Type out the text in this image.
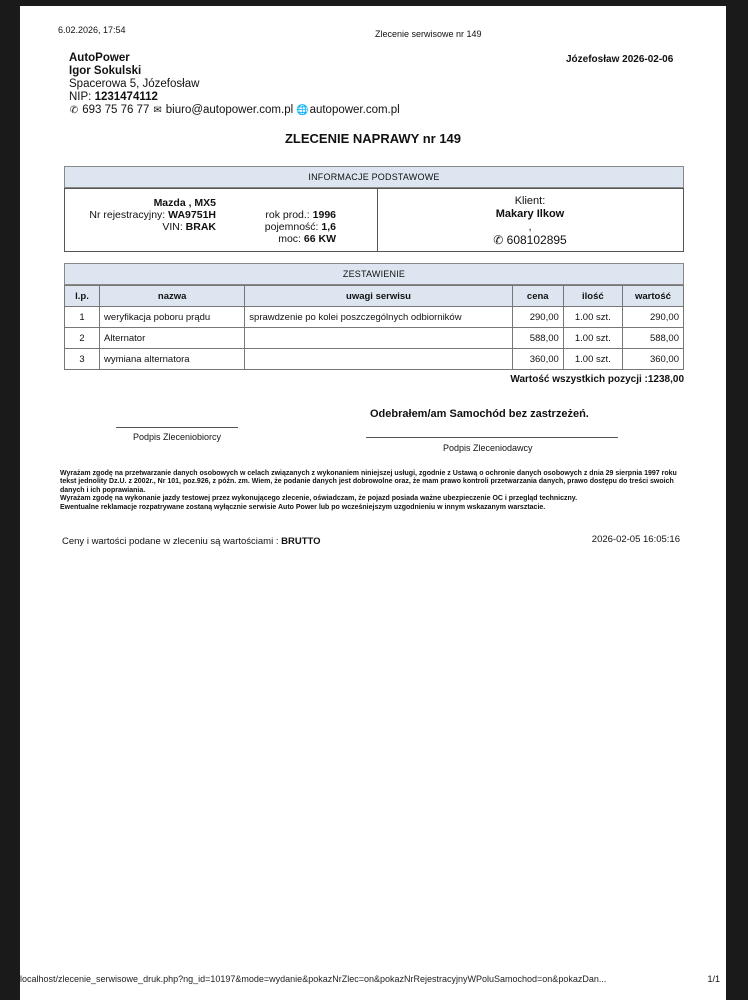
6.02.2026, 17:54	Zlecenie serwisowe nr 149
AutoPower
Igor Sokulski
Spacerowa 5, Józefosław
NIP: 1231474112
✆ 693 75 76 77 ✉ biuro@autopower.com.pl 🌐 autopower.com.pl
Józefosław 2026-02-06
ZLECENIE NAPRAWY nr 149
INFORMACJE PODSTAWOWE
Mazda , MX5
Nr rejestracyjny: WA9751H
VIN: BRAK
rok prod.: 1996
pojemność: 1,6
moc: 66 KW
Klient:
Makary Ilkow
,
✆ 608102895
ZESTAWIENIE
l.p.	nazwa	uwagi serwisu	cena	ilość	wartość
1	weryfikacja poboru prądu	sprawdzenie po kolei poszczególnych odbiorników	290,00	1.00 szt.	290,00
2	Alternator		588,00	1.00 szt.	588,00
3	wymiana alternatora		360,00	1.00 szt.	360,00
Wartość wszystkich pozycji :1238,00
Odebrałem/am Samochód bez zastrzeżeń.
Podpis Zleceniobiorcy
Podpis Zleceniodawcy
Wyrażam zgodę na przetwarzanie danych osobowych w celach związanych z wykonaniem niniejszej usługi, zgodnie z Ustawą o ochronie danych osobowych z dnia 29 sierpnia 1997 roku tekst jednolity Dz.U. z 2002r., Nr 101, poz.926, z późn. zm. Wiem, że podanie danych jest dobrowolne oraz, że mam prawo kontroli przetwarzania danych, prawo dostępu do treści swoich danych i ich poprawiania.
Wyrażam zgodę na wykonanie jazdy testowej przez wykonującego zlecenie, oświadczam, że pojazd posiada ważne ubezpieczenie OC i przegląd techniczny.
Ewentualne reklamacje rozpatrywane zostaną wyłącznie serwisie Auto Power lub po wcześniejszym uzgodnieniu w innym wskazanym warsztacie.
Ceny i wartości podane w zleceniu są wartościami : BRUTTO	2026-02-05 16:05:16
localhost/zlecenie_serwisowe_druk.php?ng_id=10197&mode=wydanie&pokazNrZlec=on&pokazNrRejestracyjnyWPoluSamochod=on&pokazDan...	1/1
